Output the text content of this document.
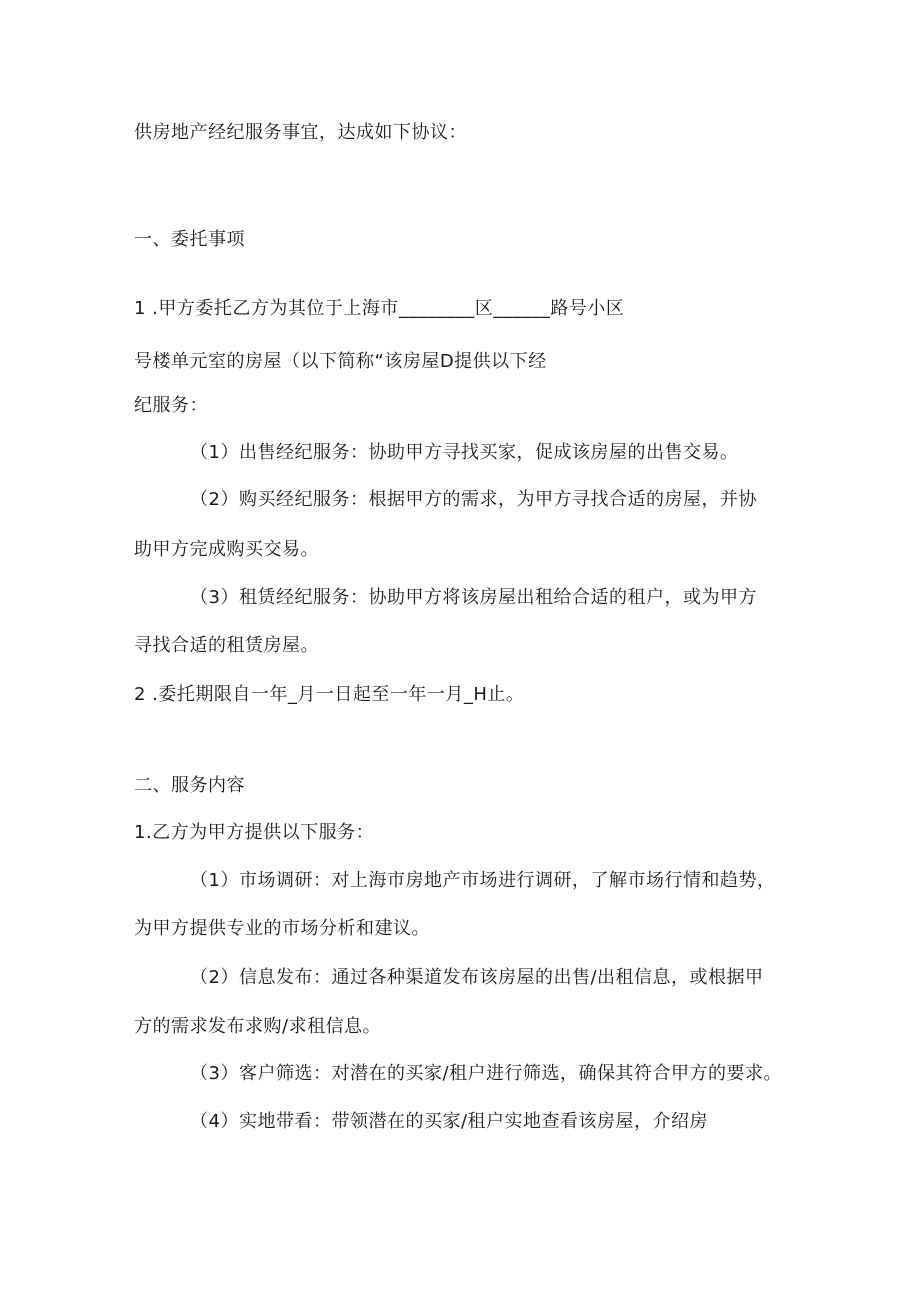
供房地产经纪服务事宜，达成如下协议：
一、委托事项
1 .甲方委托乙方为其位于上海市________区______路号小区
号楼单元室的房屋（以下简称“该房屋D提供以下经
纪服务：
（1）出售经纪服务：协助甲方寻找买家，促成该房屋的出售交易。
（2）购买经纪服务：根据甲方的需求，为甲方寻找合适的房屋，并协
助甲方完成购买交易。
（3）租赁经纪服务：协助甲方将该房屋出租给合适的租户，或为甲方
寻找合适的租赁房屋。
2 .委托期限自一年_月一日起至一年一月_H止。
二、服务内容
1.乙方为甲方提供以下服务：
（1）市场调研：对上海市房地产市场进行调研，了解市场行情和趋势，
为甲方提供专业的市场分析和建议。
（2）信息发布：通过各种渠道发布该房屋的出售/出租信息，或根据甲
方的需求发布求购/求租信息。
（3）客户筛选：对潜在的买家/租户进行筛选，确保其符合甲方的要求。
（4）实地带看：带领潜在的买家/租户实地查看该房屋，介绍房
